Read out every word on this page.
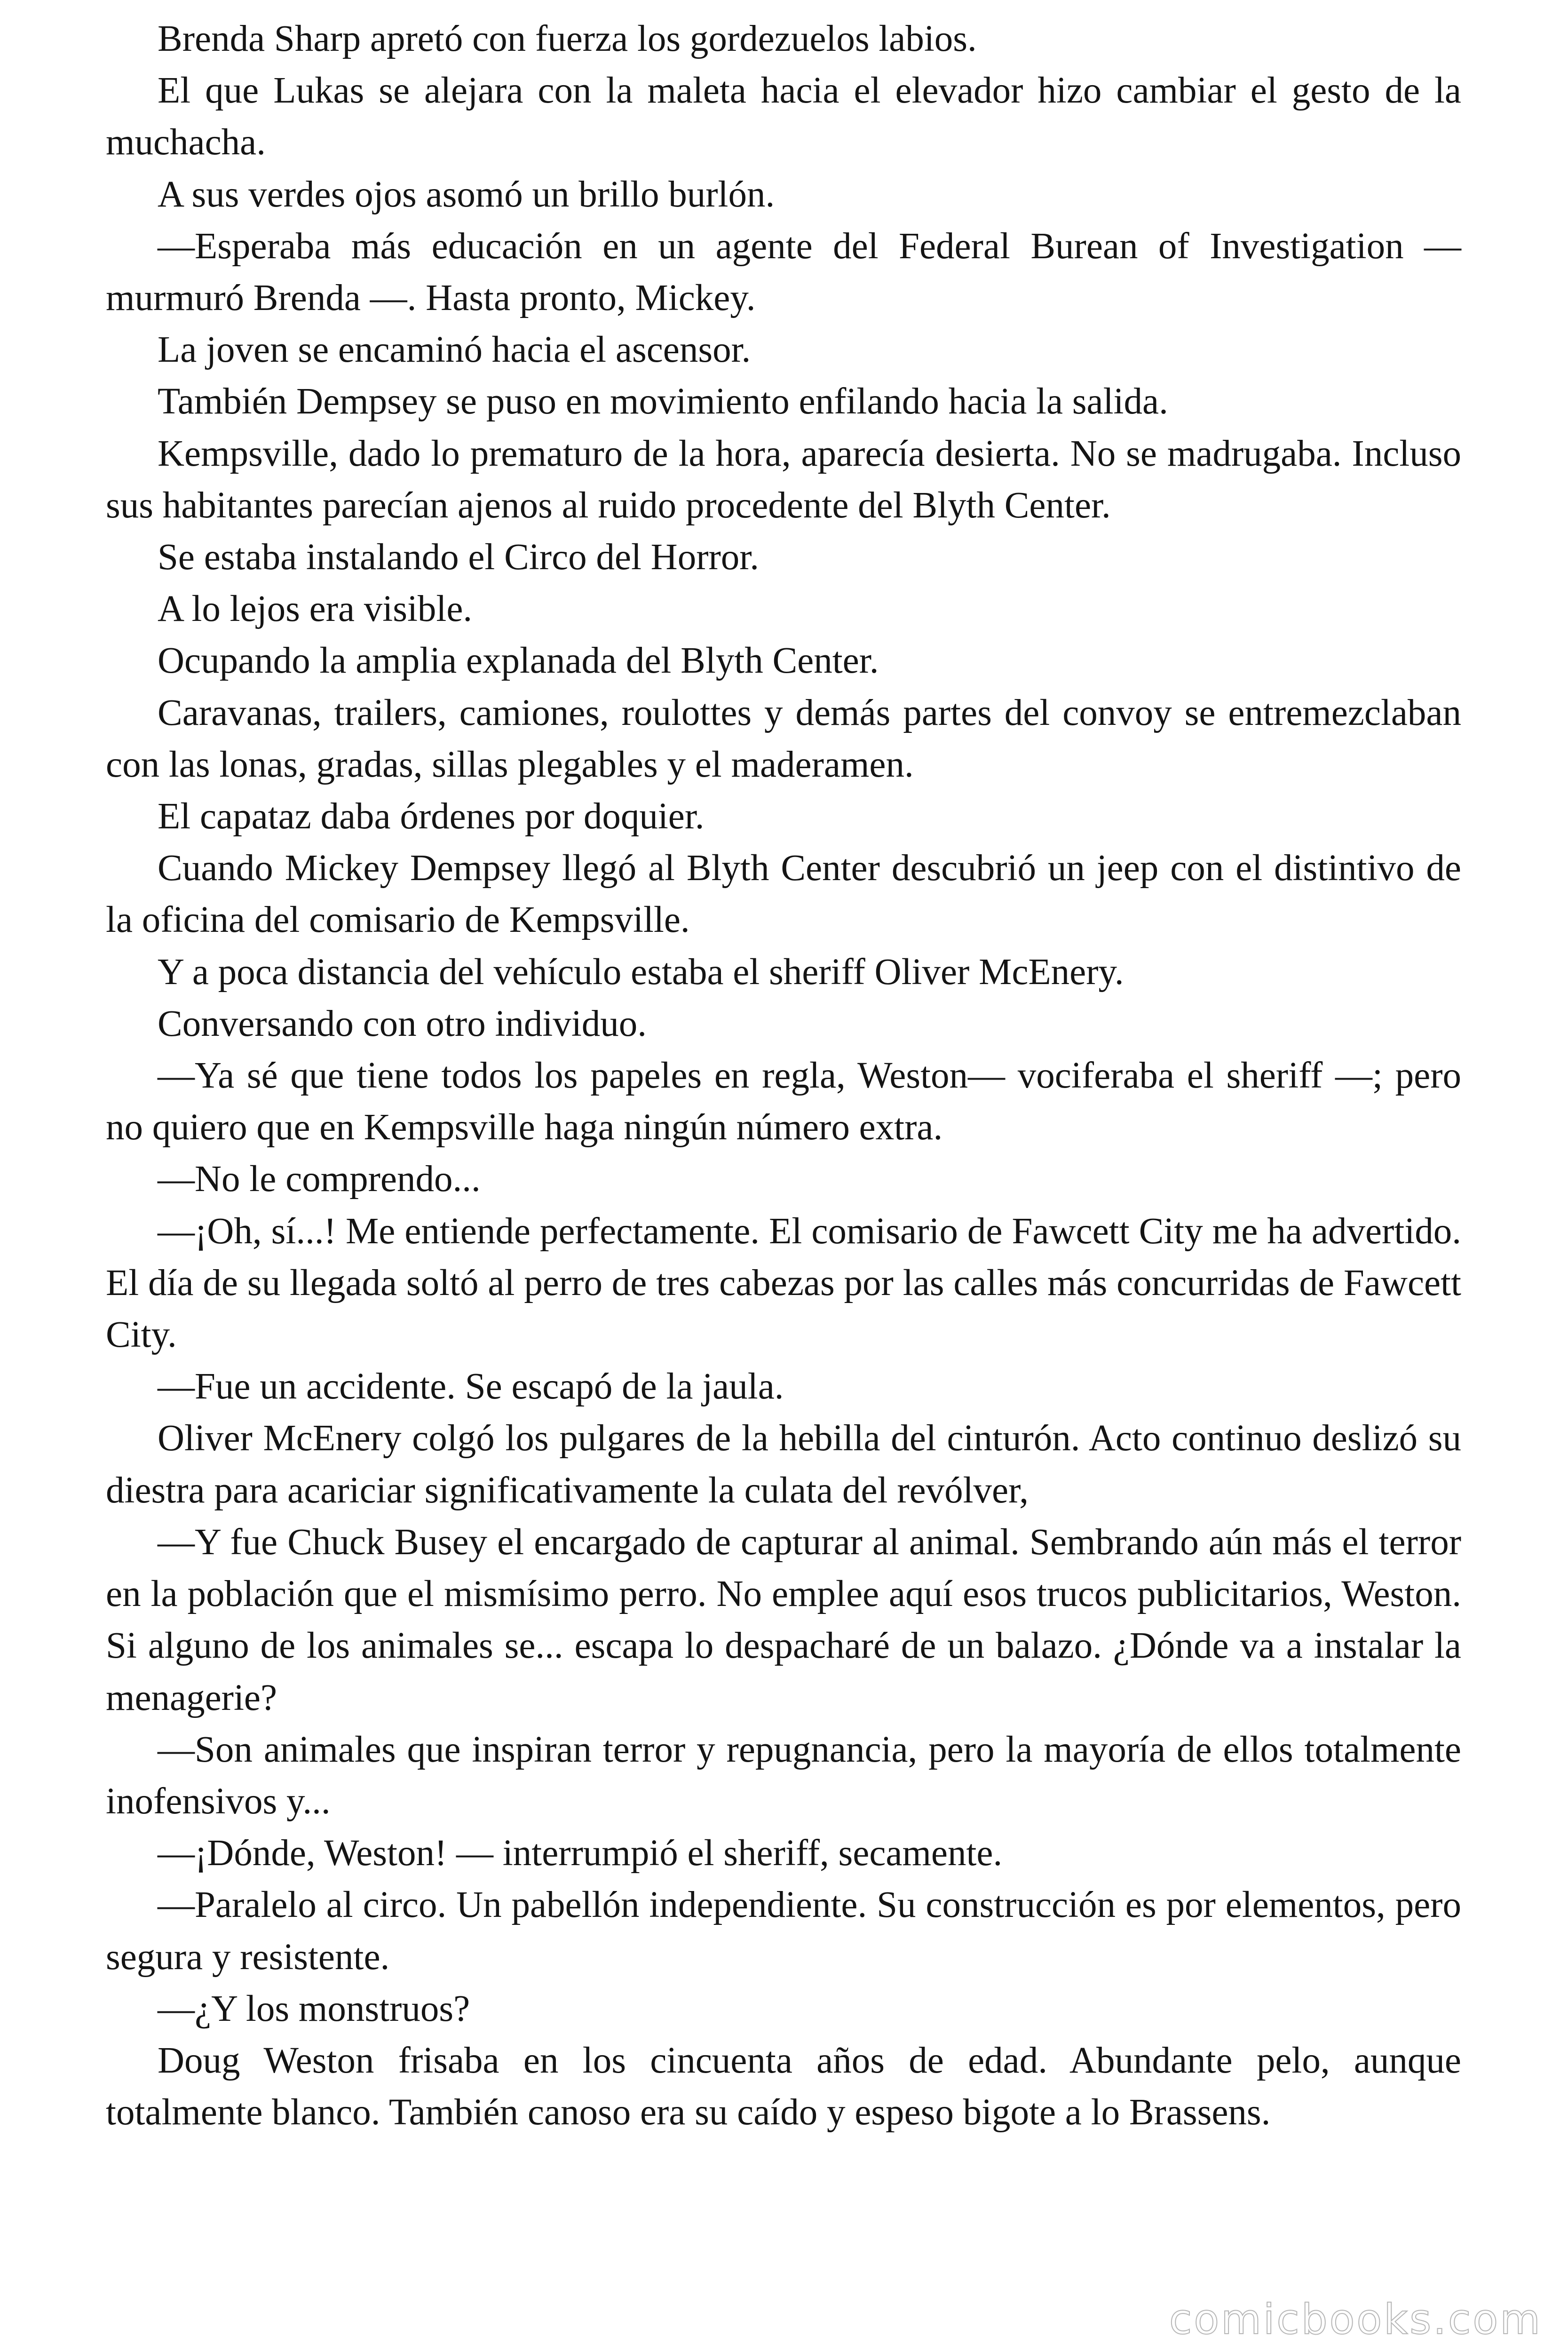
Brenda Sharp apretó con fuerza los gordezuelos labios.

El que Lukas se alejara con la maleta hacia el elevador hizo cambiar el gesto de la muchacha.

A sus verdes ojos asomó un brillo burlón.

—Esperaba más educación en un agente del Federal Burean of Investigation — murmuró Brenda —. Hasta pronto, Mickey.

La joven se encaminó hacia el ascensor.

También Dempsey se puso en movimiento enfilando hacia la salida.

Kempsville, dado lo prematuro de la hora, aparecía desierta. No se madrugaba. Incluso sus habitantes parecían ajenos al ruido procedente del Blyth Center.

Se estaba instalando el Circo del Horror.

A lo lejos era visible.

Ocupando la amplia explanada del Blyth Center.

Caravanas, trailers, camiones, roulottes y demás partes del convoy se entremezclaban con las lonas, gradas, sillas plegables y el maderamen.

El capataz daba órdenes por doquier.

Cuando Mickey Dempsey llegó al Blyth Center descubrió un jeep con el distintivo de la oficina del comisario de Kempsville.

Y a poca distancia del vehículo estaba el sheriff Oliver McEnery.

Conversando con otro individuo.

—Ya sé que tiene todos los papeles en regla, Weston— vociferaba el sheriff —; pero no quiero que en Kempsville haga ningún número extra.

—No le comprendo...

—¡Oh, sí...! Me entiende perfectamente. El comisario de Fawcett City me ha advertido. El día de su llegada soltó al perro de tres cabezas por las calles más concurridas de Fawcett City.

—Fue un accidente. Se escapó de la jaula.

Oliver McEnery colgó los pulgares de la hebilla del cinturón. Acto continuo deslizó su diestra para acariciar significativamente la culata del revólver,

—Y fue Chuck Busey el encargado de capturar al animal. Sembrando aún más el terror en la población que el mismísimo perro. No emplee aquí esos trucos publicitarios, Weston. Si alguno de los animales se... escapa lo despacharé de un balazo. ¿Dónde va a instalar la menagerie?

—Son animales que inspiran terror y repugnancia, pero la mayoría de ellos totalmente inofensivos y...

—¡Dónde, Weston! — interrumpió el sheriff, secamente.

—Paralelo al circo. Un pabellón independiente. Su construcción es por elementos, pero segura y resistente.

—¿Y los monstruos?

Doug Weston frisaba en los cincuenta años de edad. Abundante pelo, aunque totalmente blanco. También canoso era su caído y espeso bigote a lo Brassens.

comicbooks.com
